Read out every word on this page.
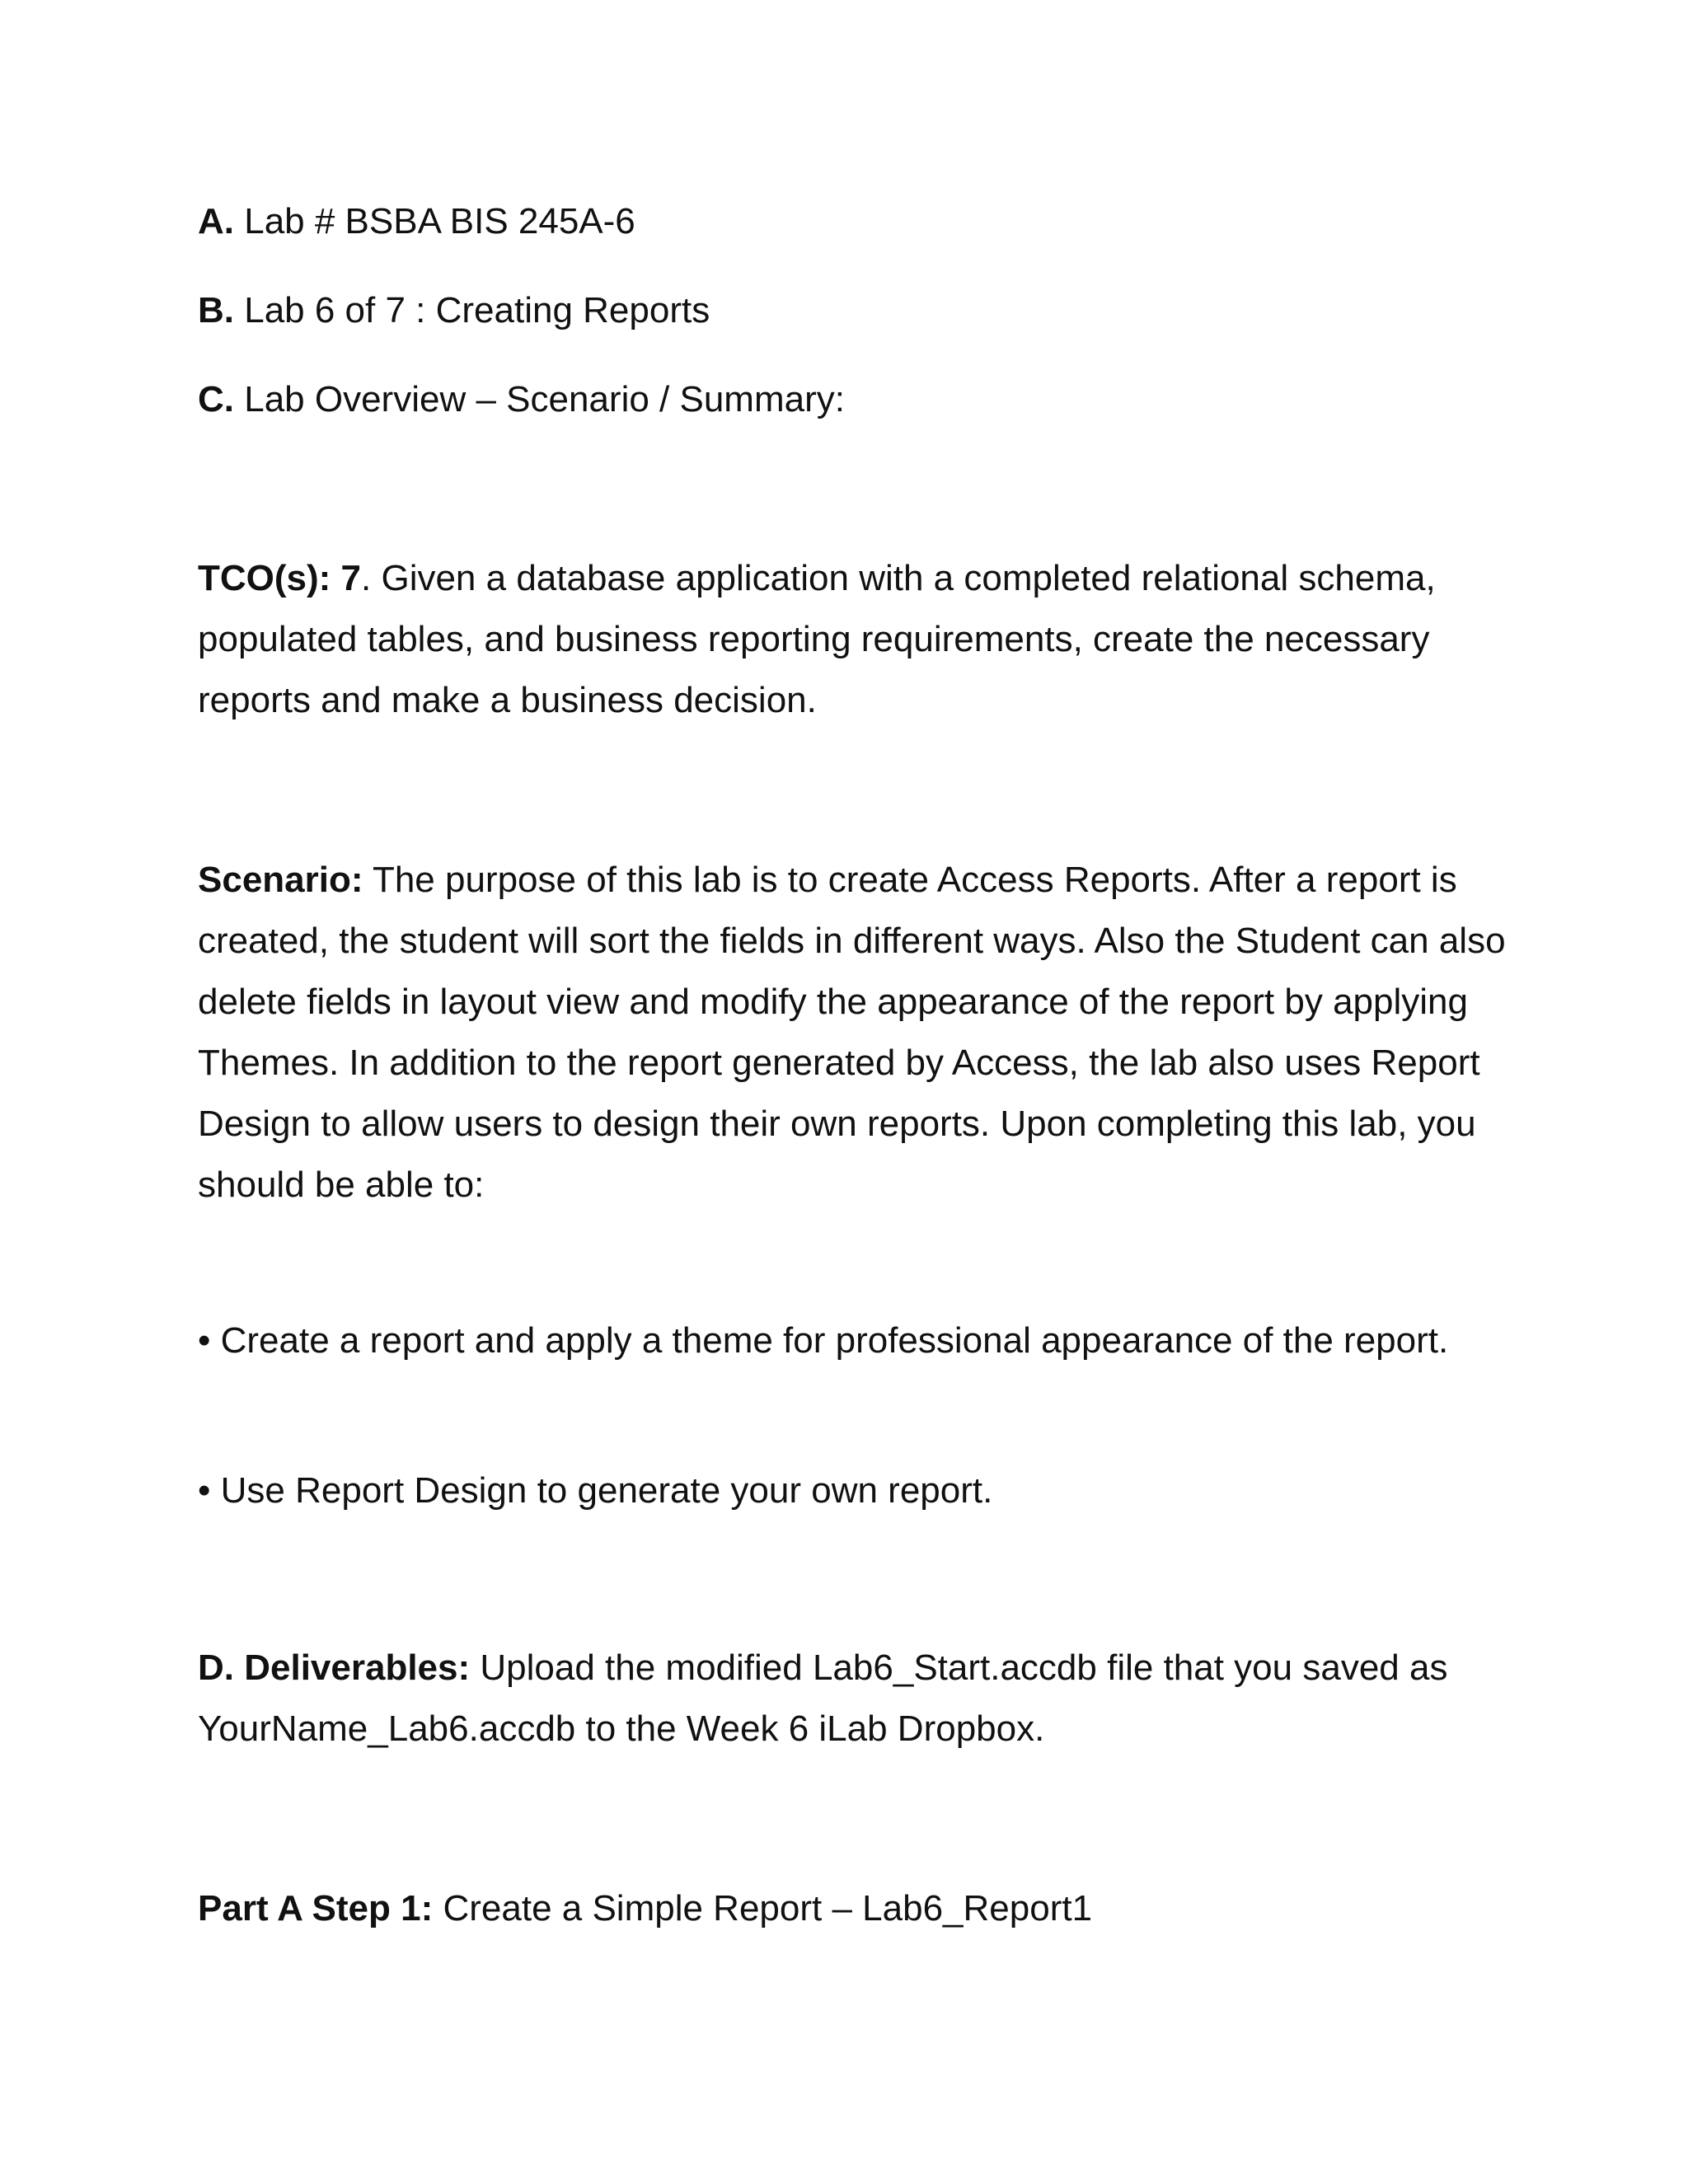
A. Lab # BSBA BIS 245A-6

B. Lab 6 of 7 : Creating Reports

C. Lab Overview – Scenario / Summary:

TCO(s): 7. Given a database application with a completed relational schema, populated tables, and business reporting requirements, create the necessary reports and make a business decision.

Scenario: The purpose of this lab is to create Access Reports. After a report is created, the student will sort the fields in different ways. Also the Student can also delete fields in layout view and modify the appearance of the report by applying Themes. In addition to the report generated by Access, the lab also uses Report Design to allow users to design their own reports. Upon completing this lab, you should be able to:

• Create a report and apply a theme for professional appearance of the report.

• Use Report Design to generate your own report.

D. Deliverables: Upload the modified Lab6_Start.accdb file that you saved as YourName_Lab6.accdb to the Week 6 iLab Dropbox.

Part A Step 1: Create a Simple Report – Lab6_Report1
